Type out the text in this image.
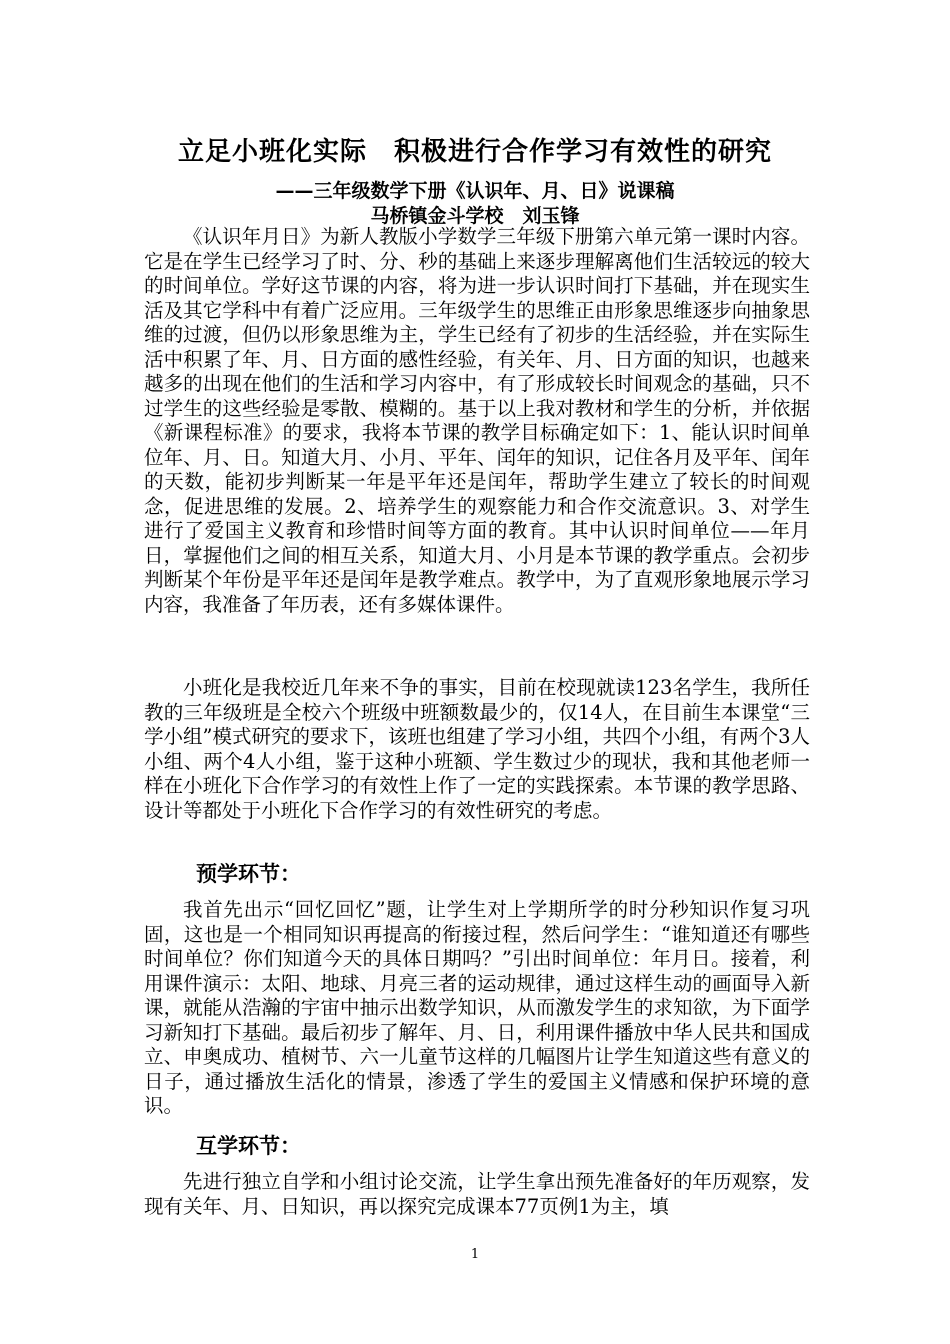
立足小班化实际　积极进行合作学习有效性的研究
——三年级数学下册《认识年、月、日》说课稿
马桥镇金斗学校　刘玉锋

《认识年月日》为新人教版小学数学三年级下册第六单元第一课时内容。它是在学生已经学习了时、分、秒的基础上来逐步理解离他们生活较远的较大的时间单位。学好这节课的内容，将为进一步认识时间打下基础，并在现实生活及其它学科中有着广泛应用。三年级学生的思维正由形象思维逐步向抽象思维的过渡，但仍以形象思维为主，学生已经有了初步的生活经验，并在实际生活中积累了年、月、日方面的感性经验，有关年、月、日方面的知识，也越来越多的出现在他们的生活和学习内容中，有了形成较长时间观念的基础，只不过学生的这些经验是零散、模糊的。基于以上我对教材和学生的分析，并依据《新课程标准》的要求，我将本节课的教学目标确定如下：1、能认识时间单位年、月、日。知道大月、小月、平年、闰年的知识，记住各月及平年、闰年的天数，能初步判断某一年是平年还是闰年，帮助学生建立了较长的时间观念，促进思维的发展。2、培养学生的观察能力和合作交流意识。3、对学生进行了爱国主义教育和珍惜时间等方面的教育。其中认识时间单位——年月日，掌握他们之间的相互关系，知道大月、小月是本节课的教学重点。会初步判断某个年份是平年还是闰年是教学难点。教学中，为了直观形象地展示学习内容，我准备了年历表，还有多媒体课件。

小班化是我校近几年来不争的事实，目前在校现就读123名学生，我所任教的三年级班是全校六个班级中班额数最少的，仅14人，在目前生本课堂“三学小组”模式研究的要求下，该班也组建了学习小组，共四个小组，有两个3人小组、两个4人小组，鉴于这种小班额、学生数过少的现状，我和其他老师一样在小班化下合作学习的有效性上作了一定的实践探索。本节课的教学思路、设计等都处于小班化下合作学习的有效性研究的考虑。

预学环节：

我首先出示“回忆回忆”题，让学生对上学期所学的时分秒知识作复习巩固，这也是一个相同知识再提高的衔接过程，然后问学生：“谁知道还有哪些时间单位？你们知道今天的具体日期吗？”引出时间单位：年月日。接着，利用课件演示：太阳、地球、月亮三者的运动规律，通过这样生动的画面导入新课，就能从浩瀚的宇宙中抽示出数学知识，从而激发学生的求知欲，为下面学习新知打下基础。最后初步了解年、月、日，利用课件播放中华人民共和国成立、申奥成功、植树节、六一儿童节这样的几幅图片让学生知道这些有意义的日子，通过播放生活化的情景，渗透了学生的爱国主义情感和保护环境的意识。

互学环节：

先进行独立自学和小组讨论交流，让学生拿出预先准备好的年历观察，发现有关年、月、日知识，再以探究完成课本77页例1为主，填

1
